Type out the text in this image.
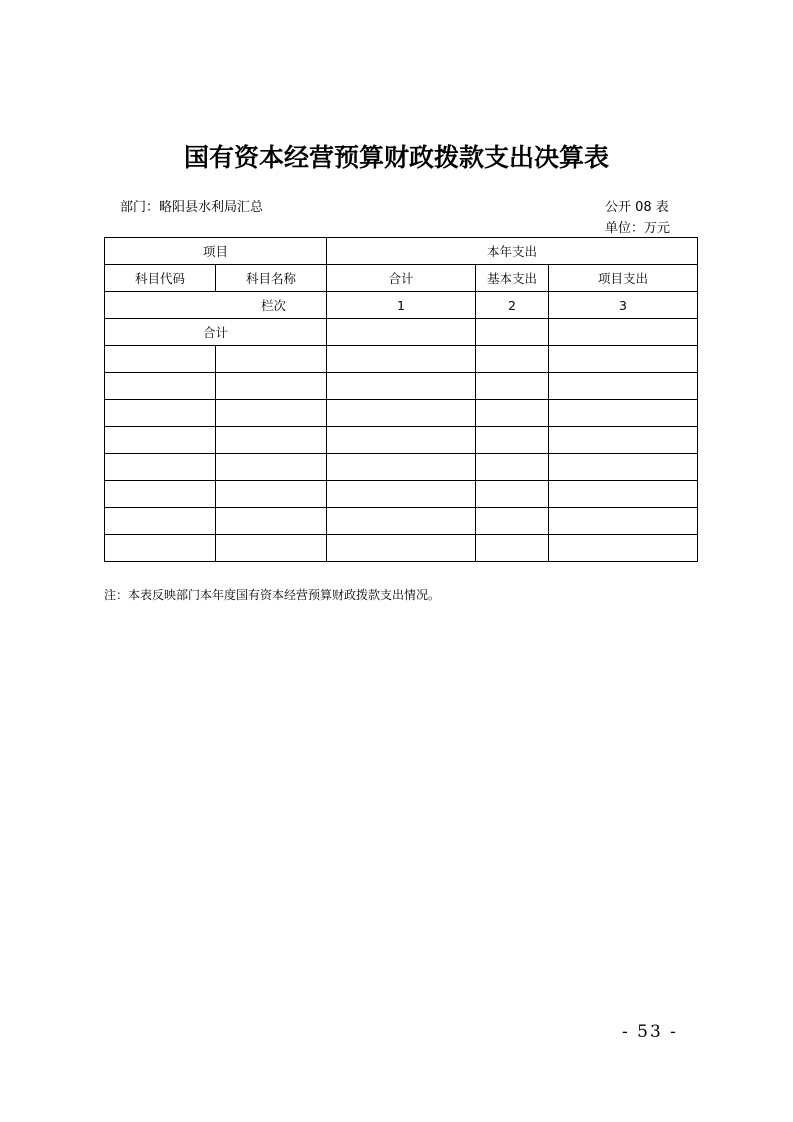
国有资本经营预算财政拨款支出决算表
部门：略阳县水利局汇总	公开 08 表
单位：万元
项目		本年支出		
科目代码	科目名称	合计	基本支出	项目支出
栏次		1	2	3
合计				

注：本表反映部门本年度国有资本经营预算财政拨款支出情况。
- 53 -
